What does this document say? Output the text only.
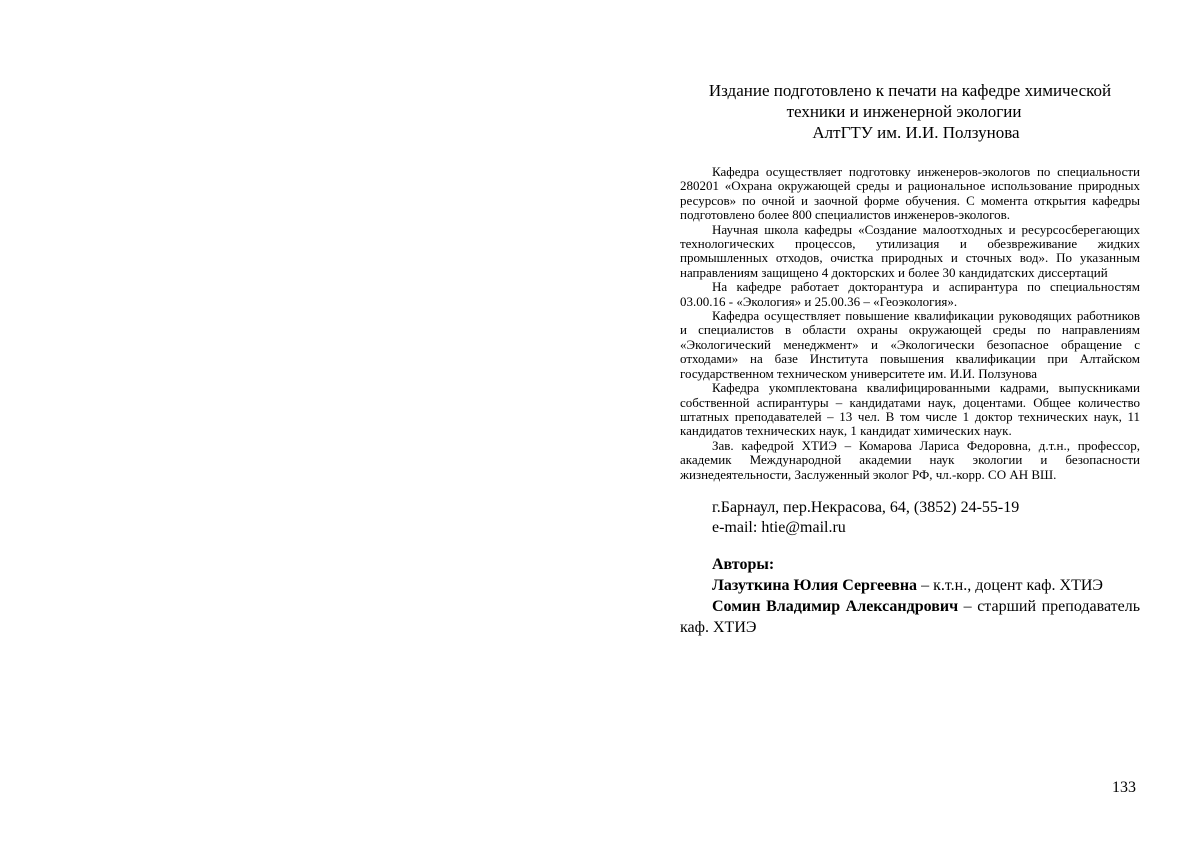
Издание подготовлено к печати на кафедре химической
техники и инженерной экологии
АлтГТУ им. И.И. Ползунова

Кафедра осуществляет подготовку инженеров-экологов по специальности 280201 «Охрана окружающей среды и рациональное использование природных ресурсов» по очной и заочной форме обучения. С момента открытия кафедры подготовлено более 800 специалистов инженеров-экологов.

Научная школа кафедры «Создание малоотходных и ресурсосберегающих технологических процессов, утилизация и обезвреживание жидких промышленных отходов, очистка природных и сточных вод». По указанным направлениям защищено 4 докторских и более 30 кандидатских диссертаций

На кафедре работает докторантура и аспирантура по специальностям 03.00.16 - «Экология» и 25.00.36 – «Геоэкология».

Кафедра осуществляет повышение квалификации руководящих работников и специалистов в области охраны окружающей среды по направлениям «Экологический менеджмент» и «Экологически безопасное обращение с отходами» на базе Института повышения квалификации при Алтайском государственном техническом университете им. И.И. Ползунова

Кафедра укомплектована квалифицированными кадрами, выпускниками собственной аспирантуры – кандидатами наук, доцентами. Общее количество штатных преподавателей – 13 чел. В том числе 1 доктор технических наук, 11 кандидатов технических наук, 1 кандидат химических наук.

Зав. кафедрой ХТИЭ – Комарова Лариса Федоровна, д.т.н., профессор, академик Международной академии наук экологии и безопасности жизнедеятельности, Заслуженный эколог РФ, чл.-корр. СО АН ВШ.

г.Барнаул, пер.Некрасова, 64, (3852) 24-55-19
e-mail: htie@mail.ru

Авторы:

Лазуткина Юлия Сергеевна – к.т.н., доцент каф. ХТИЭ

Сомин Владимир Александрович – старший преподаватель каф. ХТИЭ

133
